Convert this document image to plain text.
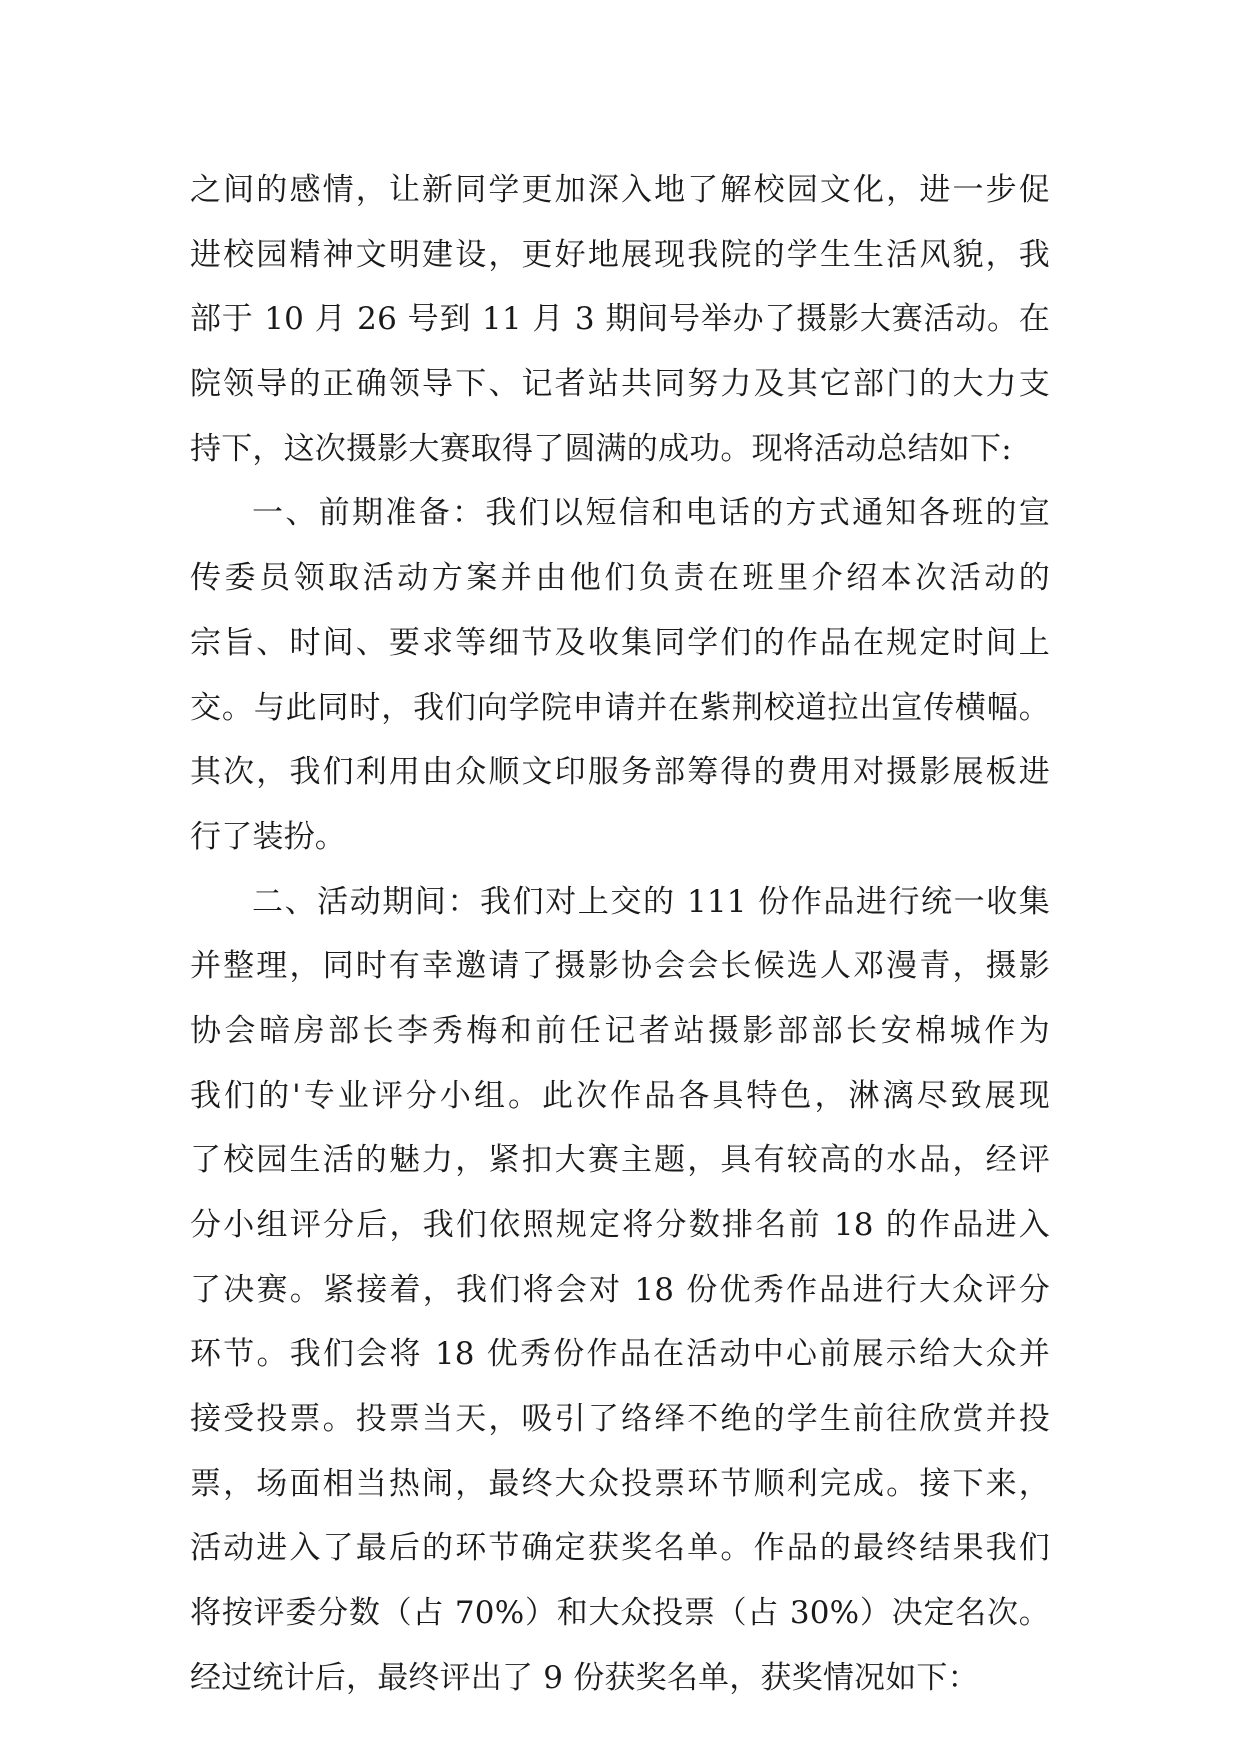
之间的感情，让新同学更加深入地了解校园文化，进一步促
进校园精神文明建设，更好地展现我院的学生生活风貌，我
部于 10 月 26 号到 11 月 3 期间号举办了摄影大赛活动。在
院领导的正确领导下、记者站共同努力及其它部门的大力支
持下，这次摄影大赛取得了圆满的成功。现将活动总结如下:
一、前期准备：我们以短信和电话的方式通知各班的宣
传委员领取活动方案并由他们负责在班里介绍本次活动的
宗旨、时间、要求等细节及收集同学们的作品在规定时间上
交。与此同时，我们向学院申请并在紫荆校道拉出宣传横幅。
其次，我们利用由众顺文印服务部筹得的费用对摄影展板进
行了装扮。
二、活动期间：我们对上交的 111 份作品进行统一收集
并整理，同时有幸邀请了摄影协会会长候选人邓漫青，摄影
协会暗房部长李秀梅和前任记者站摄影部部长安棉城作为
我们的'专业评分小组。此次作品各具特色，淋漓尽致展现
了校园生活的魅力，紧扣大赛主题，具有较高的水品，经评
分小组评分后，我们依照规定将分数排名前 18 的作品进入
了决赛。紧接着，我们将会对 18 份优秀作品进行大众评分
环节。我们会将 18 优秀份作品在活动中心前展示给大众并
接受投票。投票当天，吸引了络绎不绝的学生前往欣赏并投
票，场面相当热闹，最终大众投票环节顺利完成。接下来，
活动进入了最后的环节确定获奖名单。作品的最终结果我们
将按评委分数（占 70%）和大众投票（占 30%）决定名次。
经过统计后，最终评出了 9 份获奖名单，获奖情况如下：
